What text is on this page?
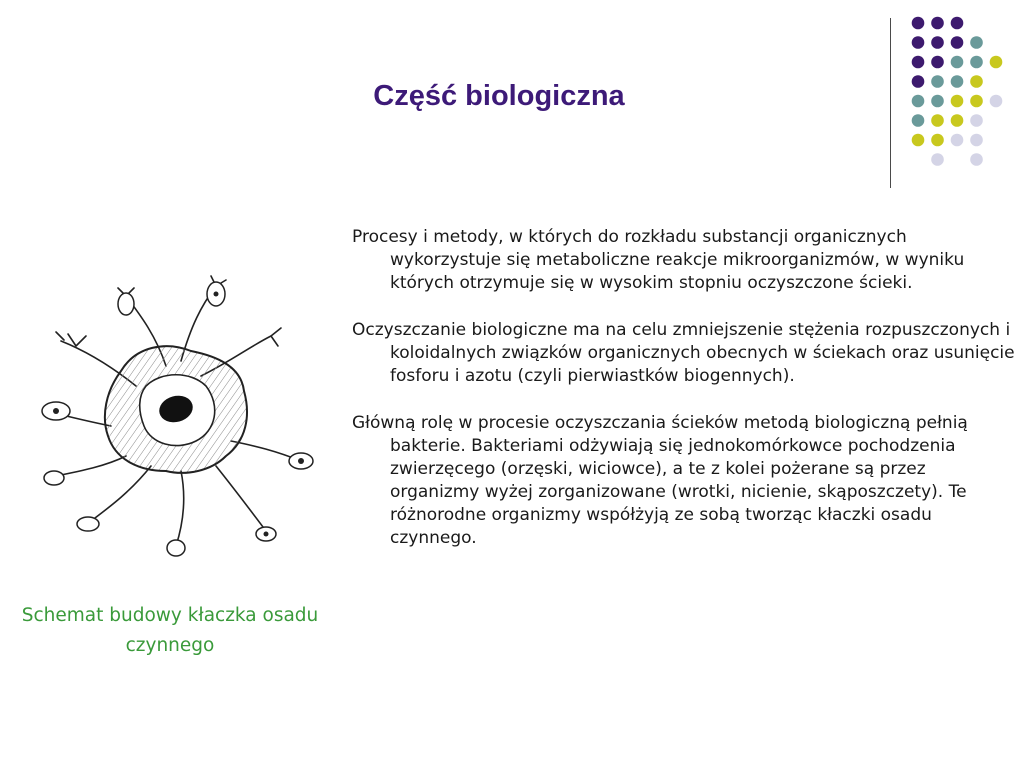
Część biologiczna
Schemat budowy kłaczka osadu czynnego

Procesy i metody, w których do rozkładu substancji organicznych wykorzystuje się metaboliczne reakcje mikroorganizmów, w wyniku których otrzymuje się w wysokim stopniu oczyszczone ścieki.

Oczyszczanie biologiczne ma na celu zmniejszenie stężenia rozpuszczonych i koloidalnych związków organicznych obecnych w ściekach oraz usunięcie fosforu i azotu (czyli pierwiastków biogennych).

Główną rolę w procesie oczyszczania ścieków metodą biologiczną pełnią bakterie. Bakteriami odżywiają się jednokomórkowce pochodzenia zwierzęcego (orzęski, wiciowce), a te z kolei pożerane są przez organizmy wyżej zorganizowane (wrotki, nicienie, skąposzczety). Te różnorodne organizmy współżyją ze sobą tworząc kłaczki osadu czynnego.
